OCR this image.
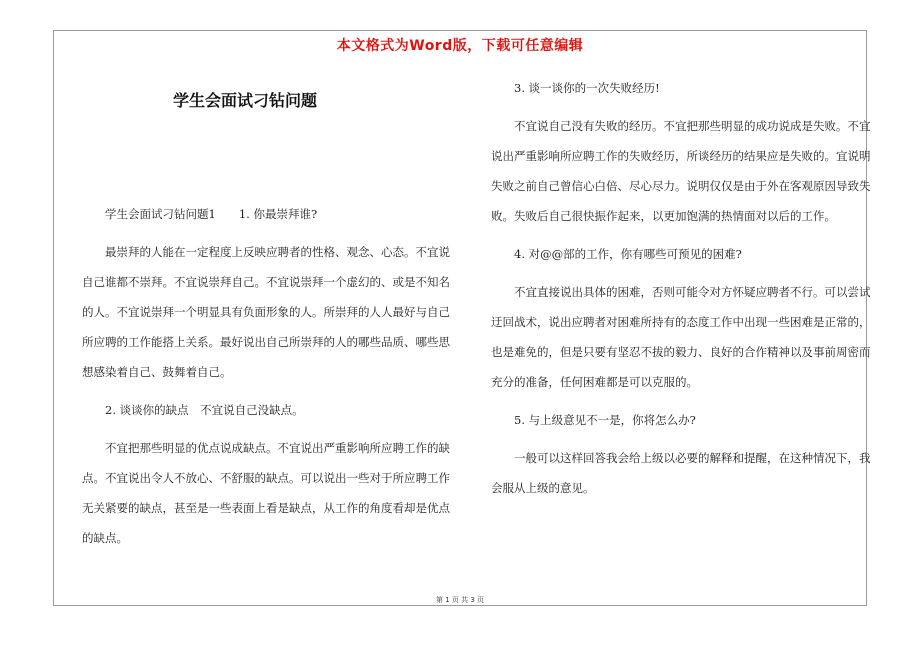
本文格式为Word版，下载可任意编辑
学生会面试刁钻问题

学生会面试刁钻问题1　　1. 你最崇拜谁?

最崇拜的人能在一定程度上反映应聘者的性格、观念、心态。不宜说自己谁都不崇拜。不宜说崇拜自己。不宜说崇拜一个虚幻的、或是不知名的人。不宜说崇拜一个明显具有负面形象的人。所崇拜的人人最好与自己所应聘的工作能搭上关系。最好说出自己所崇拜的人的哪些品质、哪些思想感染着自己、鼓舞着自己。

2. 谈谈你的缺点　不宜说自己没缺点。

不宜把那些明显的优点说成缺点。不宜说出严重影响所应聘工作的缺点。不宜说出令人不放心、不舒服的缺点。可以说出一些对于所应聘工作无关紧要的缺点，甚至是一些表面上看是缺点，从工作的角度看却是优点的缺点。

3. 谈一谈你的一次失败经历!

不宜说自己没有失败的经历。不宜把那些明显的成功说成是失败。不宜说出严重影响所应聘工作的失败经历，所谈经历的结果应是失败的。宜说明失败之前自己曾信心白倍、尽心尽力。说明仅仅是由于外在客观原因导致失败。失败后自己很快振作起来，以更加饱满的热情面对以后的工作。

4. 对@@部的工作，你有哪些可预见的困难?

不宜直接说出具体的困难，否则可能令对方怀疑应聘者不行。可以尝试迂回战术，说出应聘者对困难所持有的态度工作中出现一些困难是正常的，也是难免的，但是只要有坚忍不拔的毅力、良好的合作精神以及事前周密而充分的准备，任何困难都是可以克服的。

5. 与上级意见不一是，你将怎么办?

一般可以这样回答我会给上级以必要的解释和提醒，在这种情况下，我会服从上级的意见。

第 1 页 共 3 页
